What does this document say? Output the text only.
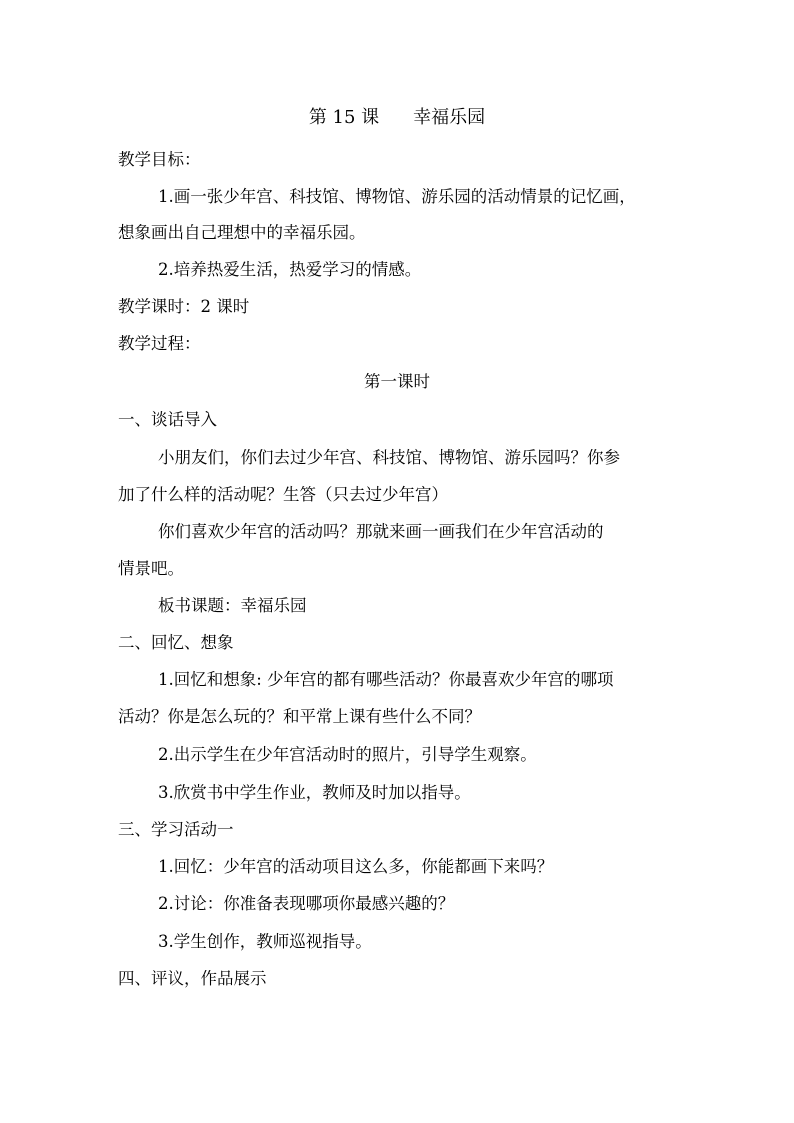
第 15 课 幸福乐园
教学目标：
1.画一张少年宫、科技馆、博物馆、游乐园的活动情景的记忆画，
想象画出自己理想中的幸福乐园。
2.培养热爱生活，热爱学习的情感。
教学课时：2 课时
教学过程：
第一课时
一、谈话导入
小朋友们，你们去过少年宫、科技馆、博物馆、游乐园吗？你参
加了什么样的活动呢？生答（只去过少年宫）
你们喜欢少年宫的活动吗？那就来画一画我们在少年宫活动的
情景吧。
板书课题：幸福乐园
二、回忆、想象
1.回忆和想象: 少年宫的都有哪些活动？你最喜欢少年宫的哪项
活动？你是怎么玩的？和平常上课有些什么不同？
2.出示学生在少年宫活动时的照片，引导学生观察。
3.欣赏书中学生作业，教师及时加以指导。
三、学习活动一
1.回忆：少年宫的活动项目这么多，你能都画下来吗？
2.讨论：你准备表现哪项你最感兴趣的？
3.学生创作，教师巡视指导。
四、评议，作品展示
